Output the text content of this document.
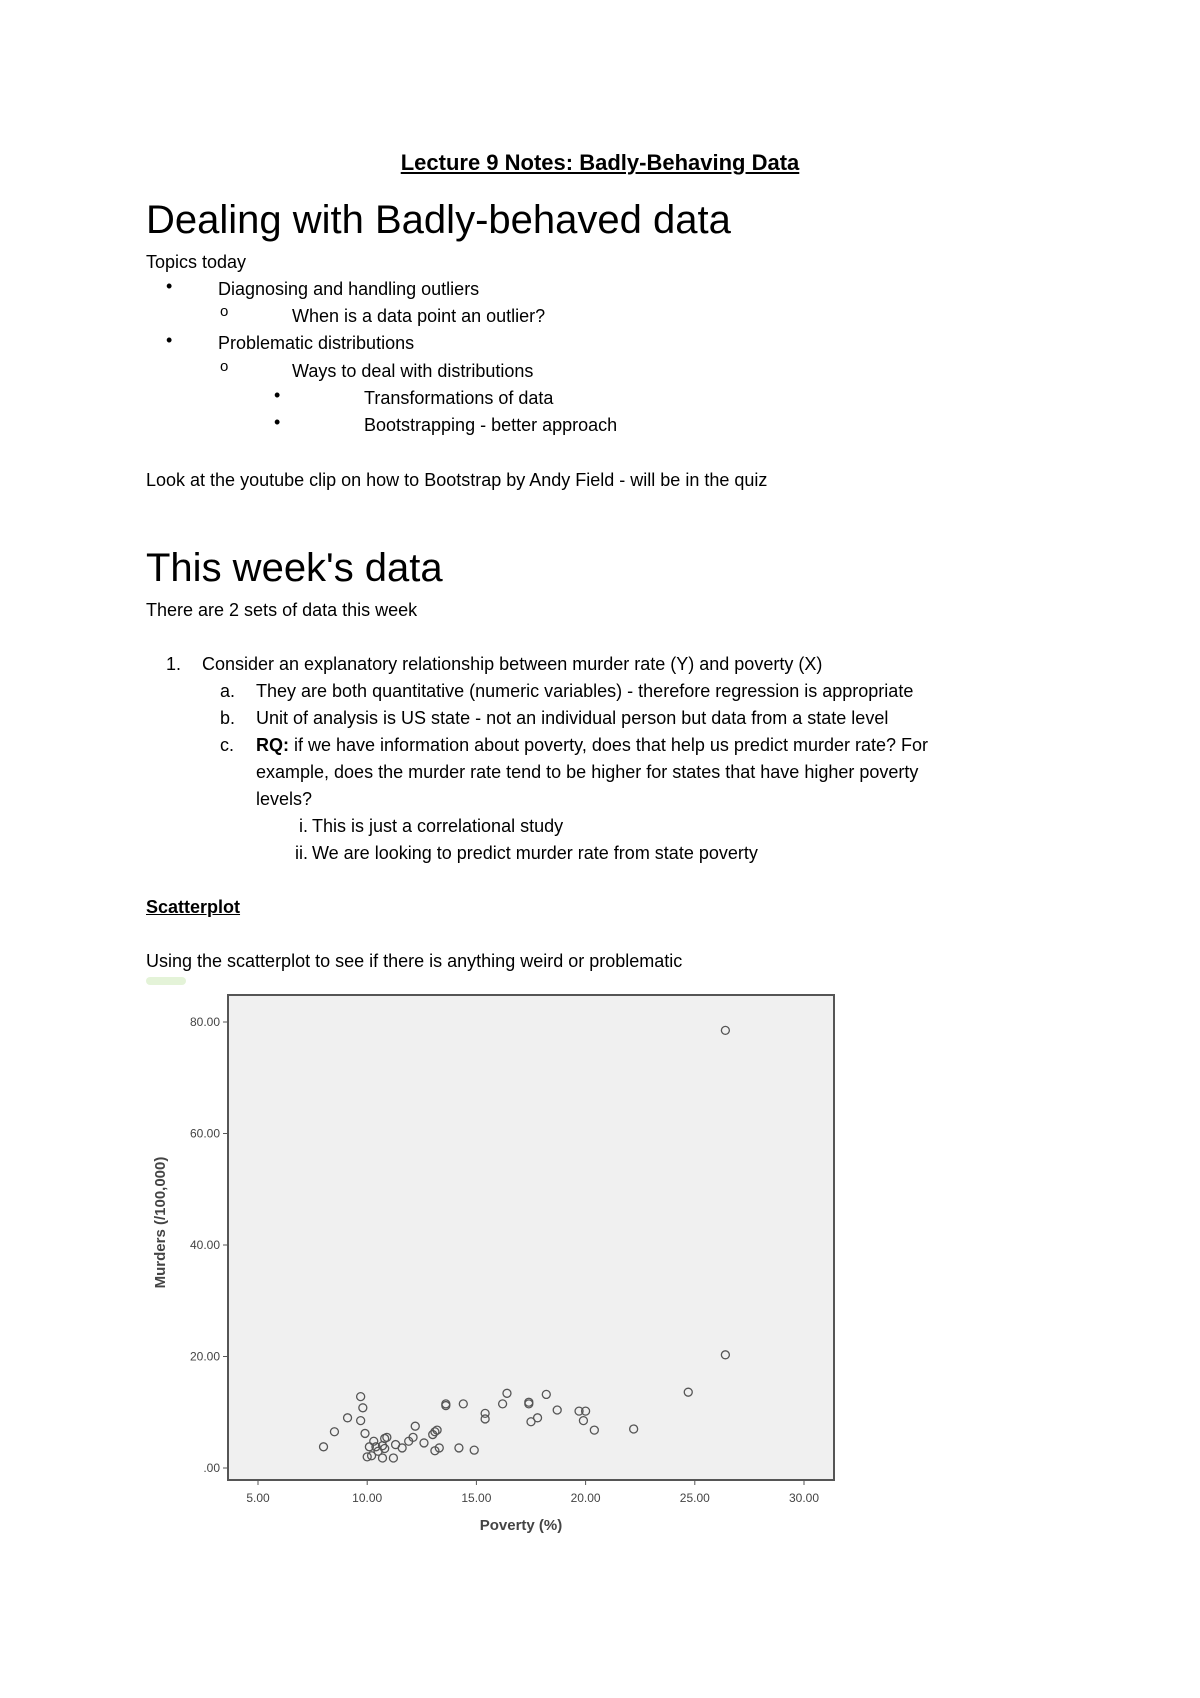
Lecture 9 Notes: Badly-Behaving Data
Dealing with Badly-behaved data

Topics today

•	Diagnosing and handling outliers

o	When is a data point an outlier?

•	Problematic distributions

o	Ways to deal with distributions

•	Transformations of data

•	Bootstrapping - better approach

Look at the youtube clip on how to Bootstrap by Andy Field - will be in the quiz

This week's data

There are 2 sets of data this week

1. Consider an explanatory relationship between murder rate (Y) and poverty (X)

a. They are both quantitative (numeric variables) - therefore regression is appropriate

b. Unit of analysis is US state - not an individual person but data from a state level

c. RQ: if we have information about poverty, does that help us predict murder rate? For

example, does the murder rate tend to be higher for states that have higher poverty

levels?

i. This is just a correlational study

ii. We are looking to predict murder rate from state poverty

Scatterplot

Using the scatterplot to see if there is anything weird or problematic

5.00	10.00	15.00	20.00	25.00	30.00
.00
20.00
40.00
60.00
80.00
Poverty (%)
Murders (/100,000)
